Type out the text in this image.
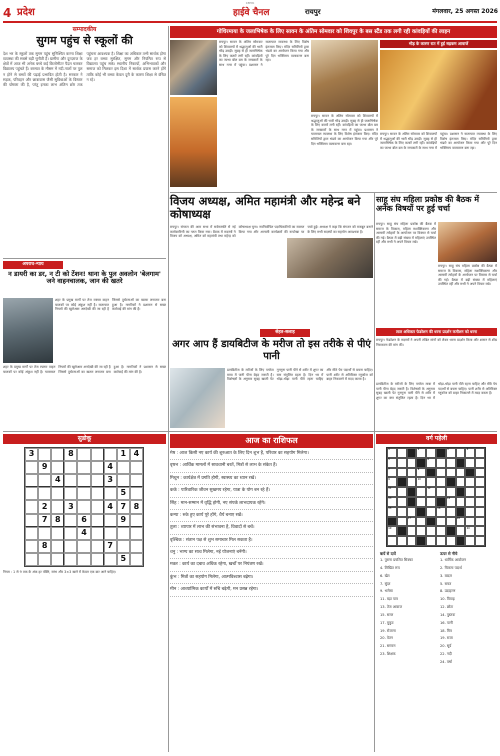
CMYK
4 प्रदेश	हाईवे चैनल	रायपुर	मंगलवार, 25 अगस्त 2026
सम्पादकीय
सुगम पहुंच से स्कूलों की
देश भर के स्कूलों तक सुगम पहुंच सुनिश्चित करना शिक्षा व्यवस्था की सबसे बड़ी चुनौती है। ग्रामीण और दूरदराज के क्षेत्रों में आज भी अनेक बच्चे कई किलोमीटर पैदल चलकर विद्यालय पहुंचते हैं। बरसात के मौसम में नदी-नालों पर पुल न होने से बच्चों की पढ़ाई प्रभावित होती है। सरकार ने सड़क, परिवहन और छात्रावास जैसी सुविधाओं के विस्तार की घोषणा की है, परंतु इनका लाभ अंतिम छोर तक पहुंचना आवश्यक है। शिक्षा का अधिकार तभी सार्थक होगा जब हर बच्चा सुरक्षित, सुगम और नियमित रूप से विद्यालय पहुंच सके। स्थानीय निकायों, अभिभावकों और समाज को मिलकर इस दिशा में सार्थक प्रयास करने होंगे ताकि कोई भी बच्चा केवल दूरी के कारण शिक्षा से वंचित न रहे।
गोधिरमाया के जलाभिषेक के लिए सावन के अंतिम सोमवार को शिवपुर के बस स्टैंड तक लगी रही कांवड़ियों की लाइन
भीड़ के कारण रात में हुई सड़कम आवाजें
रायपुर। सावन के अंतिम सोमवार को शिवालयों में श्रद्धालुओं की भारी भीड़ उमड़ी। सुबह से ही जलाभिषेक के लिए कतारें लगी रहीं। कांवड़ियों का जत्था बोल बम के जयकारों के साथ नगर में पहुंचा। प्रशासन ने यातायात व्यवस्था के लिए विशेष इंतजाम किए। मंदिर समितियों द्वारा भंडारे का आयोजन किया गया और पूरे दिन भक्तिमय वातावरण बना रहा।
रायपुर। सावन के अंतिम सोमवार को शिवालयों में श्रद्धालुओं की भारी भीड़ उमड़ी। सुबह से ही जलाभिषेक के लिए कतारें लगी रहीं। कांवड़ियों का जत्था बोल बम के जयकारों के साथ नगर में पहुंचा। प्रशासन ने यातायात व्यवस्था के लिए विशेष इंतजाम किए। मंदिर समितियों द्वारा भंडारे का आयोजन किया गया और पूरे दिन भक्तिमय वातावरण बना रहा।
रायपुर। सावन के अंतिम सोमवार को शिवालयों में श्रद्धालुओं की भारी भीड़ उमड़ी। सुबह से ही जलाभिषेक के लिए कतारें लगी रहीं। कांवड़ियों का जत्था बोल बम के जयकारों के साथ नगर में पहुंचा। प्रशासन ने यातायात व्यवस्था के लिए विशेष इंतजाम किए। मंदिर समितियों द्वारा भंडारे का आयोजन किया गया और पूरे दिन भक्तिमय वातावरण बना रहा।
विजय अध्यक्ष, अमित महामंत्री और महेन्द्र बने कोषाध्यक्ष
रायपुर। संगठन की आम सभा में सर्वसम्मति से नई कार्यकारिणी का गठन किया गया। बैठक में सदस्यों ने विजय को अध्यक्ष, अमित को महामंत्री तथा महेन्द्र को कोषाध्यक्ष चुना। नवनिर्वाचित पदाधिकारियों का स्वागत किया गया और आगामी कार्यक्रमों की रूपरेखा पर चर्चा हुई। अध्यक्ष ने कहा कि संगठन को मजबूत बनाने के लिए सभी सदस्यों का सहयोग आवश्यक है।
साहू संघ महिला प्रकोष्ठ की बैठक में अनेक विषयों पर हुई चर्चा
रायपुर। साहू संघ महिला प्रकोष्ठ की बैठक में समाज के विकास, महिला सशक्तिकरण और आगामी त्योहारों के आयोजन पर विस्तार से चर्चा की गई। बैठक में बड़ी संख्या में महिलाएं उपस्थित रहीं और सभी ने अपने विचार रखे।
रायपुर। साहू संघ महिला प्रकोष्ठ की बैठक में समाज के विकास, महिला सशक्तिकरण और आगामी त्योहारों के आयोजन पर विस्तार से चर्चा की गई। बैठक में बड़ी संख्या में महिलाएं उपस्थित रहीं और सभी ने अपने विचार रखे।
लाल अधिकार फेडरेशन की धरना प्रदर्शन कमीशन को धरना
रायपुर। फेडरेशन के सदस्यों ने अपनी लंबित मांगों को लेकर धरना प्रदर्शन किया और शासन से शीघ्र निराकरण की मांग की।
अपराध-न्याय
न डायरी का डर, न टी को टेंशन! थाना के पुल अवलोन 'बेलगाम' जने वाहनचालक, जान की खतरे
शहर के प्रमुख मार्गों पर तेज रफ्तार वाहन चालकों पर कोई अंकुश नहीं है। यातायात नियमों की खुलेआम अनदेखी की जा रही है जिससे दुर्घटनाओं का खतरा लगातार बना हुआ है। नागरिकों ने प्रशासन से सख्त कार्रवाई की मांग की है।
शहर के प्रमुख मार्गों पर तेज रफ्तार वाहन चालकों पर कोई अंकुश नहीं है। यातायात नियमों की खुलेआम अनदेखी की जा रही है जिससे दुर्घटनाओं का खतरा लगातार बना हुआ है। नागरिकों ने प्रशासन से सख्त कार्रवाई की मांग की है।
सेहत-सलाह
अगर आप हैं डायबिटीज के मरीज तो इस तरीके से पीएं पानी
डायबिटीज के मरीजों के लिए पर्याप्त मात्रा में पानी पीना बेहद जरूरी है। विशेषज्ञों के अनुसार सुबह खाली पेट गुनगुना पानी पीने से शरीर में शुगर का स्तर संतुलित रहता है। दिन भर में थोड़ा-थोड़ा पानी पीते रहना चाहिए और मीठे पेय पदार्थों से बचना चाहिए। पानी शरीर से अतिरिक्त ग्लूकोज को बाहर निकालने में मदद करता है।
डायबिटीज के मरीजों के लिए पर्याप्त मात्रा में पानी पीना बेहद जरूरी है। विशेषज्ञों के अनुसार सुबह खाली पेट गुनगुना पानी पीने से शरीर में शुगर का स्तर संतुलित रहता है। दिन भर में थोड़ा-थोड़ा पानी पीते रहना चाहिए और मीठे पेय पदार्थों से बचना चाहिए। पानी शरीर से अतिरिक्त ग्लूकोज को बाहर निकालने में मदद करता है।
सुडोकू
3	8	1 4
9	4
4	3
5
2	3	4 7 8
7 8	6	9
4
8	7
5
नियम : 1 से 9 तक के अंक हर पंक्ति, स्तंभ और 3×3 खाने में केवल एक बार आने चाहिए।
आज का राशिफल
मेष : आज किसी नए कार्य की शुरुआत के लिए दिन शुभ है, परिवार का सहयोग मिलेगा।
वृषभ : आर्थिक मामलों में सावधानी बरतें, मित्रों से लाभ के संकेत हैं।
मिथुन : कार्यक्षेत्र में प्रगति होगी, स्वास्थ्य का ध्यान रखें।
कर्क : पारिवारिक जीवन सुखमय रहेगा, यात्रा के योग बन रहे हैं।
सिंह : मान-सम्मान में वृद्धि होगी, नए संपर्क लाभदायक रहेंगे।
कन्या : रुके हुए कार्य पूरे होंगे, धैर्य बनाए रखें।
तुला : व्यापार में लाभ की संभावना है, विवादों से बचें।
वृश्चिक : संतान पक्ष से शुभ समाचार मिल सकता है।
धनु : भाग्य का साथ मिलेगा, नई योजनाएं बनेंगी।
मकर : कार्य का दबाव अधिक रहेगा, खर्चों पर नियंत्रण रखें।
कुंभ : मित्रों का सहयोग मिलेगा, आत्मविश्वास बढ़ेगा।
मीन : आध्यात्मिक कार्यों में रुचि बढ़ेगी, मन प्रसन्न रहेगा।
वर्ग पहेली
1	2	3	4
5	6
7	8
9	10
11	12
13	14
15	16
17	18
19	20
बायें से दायें	ऊपर से नीचे
1. पुराना प्रचलित सिक्का
4. लिखित रूप
6. खेत
7. सुंदर
9. भरोसा
11. बड़ा पात्र
13. तेज आवाज
15. सरल
17. मुकुट
19. रोजाना
20. वेतन
21. सम्मान
23. शिक्षक
1. धार्मिक आयोजन
2. चिकना पदार्थ
3. बादल
5. सफर
8. उदाहरण
10. विवाह
12. छोटा
14. पुस्तक
16. पानी
18. मित्र
19. राजा
20. सूर्य
22. नदी
24. वर्षा
